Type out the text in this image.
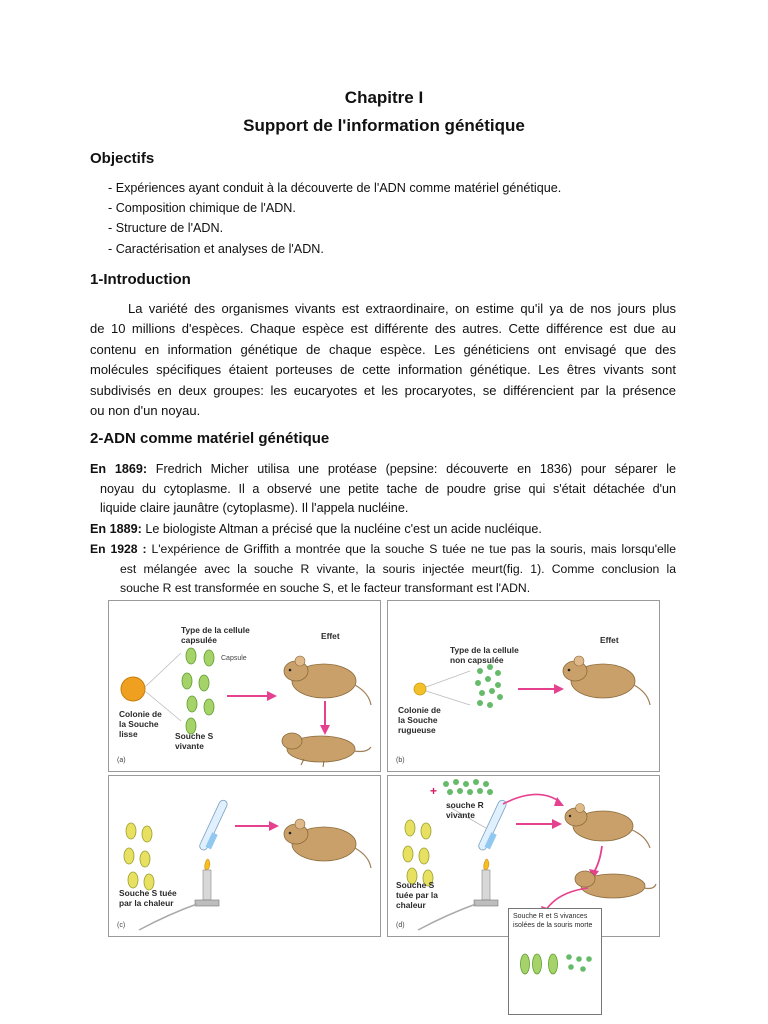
Chapitre I
Support de l'information génétique
Objectifs
- Expériences ayant conduit à la découverte de l'ADN comme matériel génétique.
- Composition chimique de l'ADN.
- Structure de l'ADN.
- Caractérisation et analyses de l'ADN.
1-Introduction
La variété des organismes vivants est extraordinaire, on estime qu'il ya de nos jours plus
de 10 millions d'espèces. Chaque espèce est différente des autres. Cette différence est due au
contenu en information génétique de chaque espèce. Les généticiens ont envisagé que des
molécules spécifiques étaient porteuses de cette information génétique. Les êtres vivants sont
subdivisés en deux groupes: les eucaryotes et les procaryotes, se différencient par la présence
ou non d'un noyau.
2-ADN comme matériel génétique
En 1869: Fredrich Micher utilisa une protéase (pepsine: découverte en 1836) pour séparer le
noyau du cytoplasme. Il a observé une petite tache de poudre grise qui s'était détachée d'un
liquide claire jaunâtre (cytoplasme). Il l'appela nucléine.
En 1889: Le biologiste Altman a précisé que la nucléine c'est un acide nucléique.
En 1928 : L'expérience de Griffith a montrée que la souche S tuée ne tue pas la souris, mais lorsqu'elle
est mélangée avec la souche R vivante, la souris injectée meurt(fig. 1). Comme conclusion la
souche R est transformée en souche S, et le facteur transformant est l'ADN.
Type de la cellule capsulée
Capsule
Effet
Colonie de la Souche lisse	Souche S vivante
(a)
Type de la cellule non capsulée
Effet
Colonie de la Souche rugueuse
(b)
Souche S tuée par la chaleur
(c)
+
souche R vivante
Souche S tuée par la chaleur
(d)
Souche R et S vivances isolées de la souris morte
